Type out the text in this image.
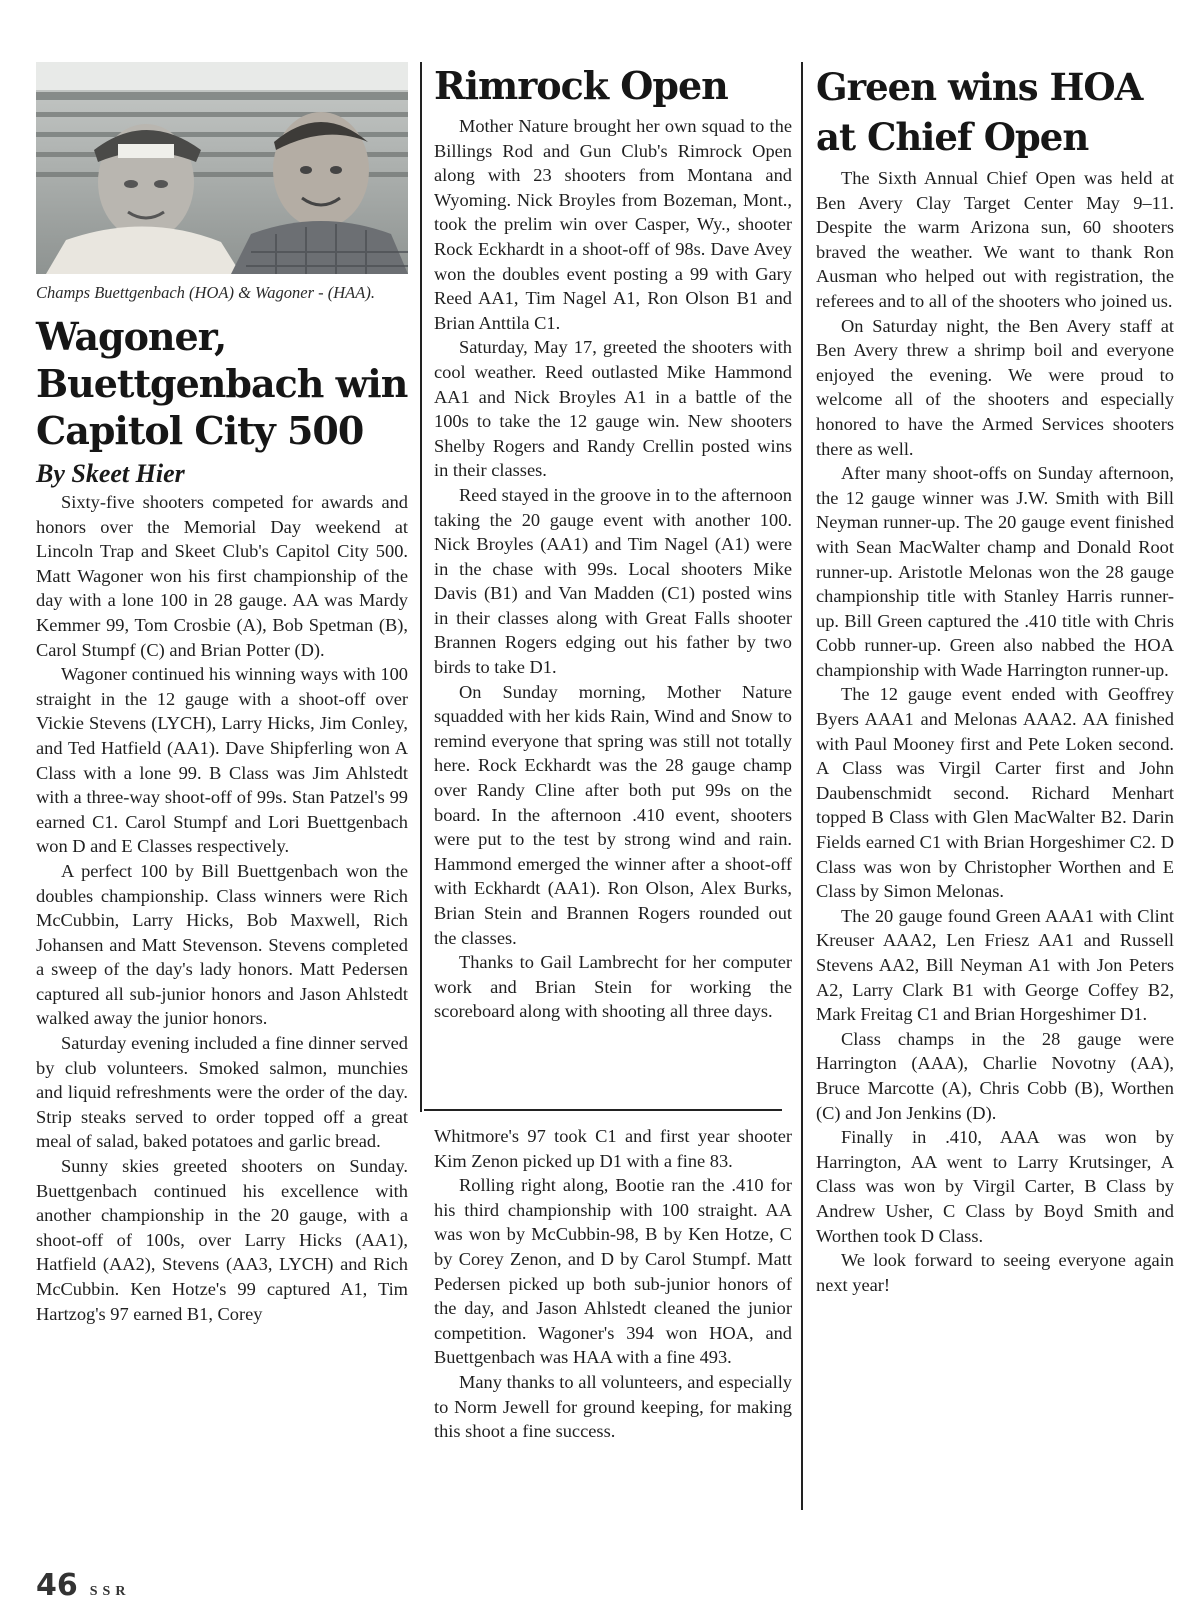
Champs Buettgenbach (HOA) & Wagoner - (HAA).
Wagoner, Buettgenbach win Capitol City 500
By Skeet Hier

Sixty-five shooters competed for awards and honors over the Memorial Day weekend at Lincoln Trap and Skeet Club's Capitol City 500. Matt Wagoner won his first championship of the day with a lone 100 in 28 gauge. AA was Mardy Kemmer 99, Tom Crosbie (A), Bob Spetman (B), Carol Stumpf (C) and Brian Potter (D).

Wagoner continued his winning ways with 100 straight in the 12 gauge with a shoot-off over Vickie Stevens (LYCH), Larry Hicks, Jim Conley, and Ted Hatfield (AA1). Dave Shipferling won A Class with a lone 99. B Class was Jim Ahlstedt with a three-way shoot-off of 99s. Stan Patzel's 99 earned C1. Carol Stumpf and Lori Buettgenbach won D and E Classes respectively.

A perfect 100 by Bill Buettgenbach won the doubles championship. Class winners were Rich McCubbin, Larry Hicks, Bob Maxwell, Rich Johansen and Matt Stevenson. Stevens completed a sweep of the day's lady honors. Matt Pedersen captured all sub-junior honors and Jason Ahlstedt walked away the junior honors.

Saturday evening included a fine dinner served by club volunteers. Smoked salmon, munchies and liquid refreshments were the order of the day. Strip steaks served to order topped off a great meal of salad, baked potatoes and garlic bread.

Sunny skies greeted shooters on Sunday. Buettgenbach continued his excellence with another championship in the 20 gauge, with a shoot-off of 100s, over Larry Hicks (AA1), Hatfield (AA2), Stevens (AA3, LYCH) and Rich McCubbin. Ken Hotze's 99 captured A1, Tim Hartzog's 97 earned B1, Corey

Rimrock Open

Mother Nature brought her own squad to the Billings Rod and Gun Club's Rimrock Open along with 23 shooters from Montana and Wyoming. Nick Broyles from Bozeman, Mont., took the prelim win over Casper, Wy., shooter Rock Eckhardt in a shoot-off of 98s. Dave Avey won the doubles event posting a 99 with Gary Reed AA1, Tim Nagel A1, Ron Olson B1 and Brian Anttila C1.

Saturday, May 17, greeted the shooters with cool weather. Reed outlasted Mike Hammond AA1 and Nick Broyles A1 in a battle of the 100s to take the 12 gauge win. New shooters Shelby Rogers and Randy Crellin posted wins in their classes.

Reed stayed in the groove in to the afternoon taking the 20 gauge event with another 100. Nick Broyles (AA1) and Tim Nagel (A1) were in the chase with 99s. Local shooters Mike Davis (B1) and Van Madden (C1) posted wins in their classes along with Great Falls shooter Brannen Rogers edging out his father by two birds to take D1.

On Sunday morning, Mother Nature squadded with her kids Rain, Wind and Snow to remind everyone that spring was still not totally here. Rock Eckhardt was the 28 gauge champ over Randy Cline after both put 99s on the board. In the afternoon .410 event, shooters were put to the test by strong wind and rain. Hammond emerged the winner after a shoot-off with Eckhardt (AA1). Ron Olson, Alex Burks, Brian Stein and Brannen Rogers rounded out the classes.

Thanks to Gail Lambrecht for her computer work and Brian Stein for working the scoreboard along with shooting all three days.

Whitmore's 97 took C1 and first year shooter Kim Zenon picked up D1 with a fine 83.

Rolling right along, Bootie ran the .410 for his third championship with 100 straight. AA was won by McCubbin-98, B by Ken Hotze, C by Corey Zenon, and D by Carol Stumpf. Matt Pedersen picked up both sub-junior honors of the day, and Jason Ahlstedt cleaned the junior competition. Wagoner's 394 won HOA, and Buettgenbach was HAA with a fine 493.

Many thanks to all volunteers, and especially to Norm Jewell for ground keeping, for making this shoot a fine success.

Green wins HOA at Chief Open

The Sixth Annual Chief Open was held at Ben Avery Clay Target Center May 9–11. Despite the warm Arizona sun, 60 shooters braved the weather. We want to thank Ron Ausman who helped out with registration, the referees and to all of the shooters who joined us.

On Saturday night, the Ben Avery staff at Ben Avery threw a shrimp boil and everyone enjoyed the evening. We were proud to welcome all of the shooters and especially honored to have the Armed Services shooters there as well.

After many shoot-offs on Sunday afternoon, the 12 gauge winner was J.W. Smith with Bill Neyman runner-up. The 20 gauge event finished with Sean MacWalter champ and Donald Root runner-up. Aristotle Melonas won the 28 gauge championship title with Stanley Harris runner-up. Bill Green captured the .410 title with Chris Cobb runner-up. Green also nabbed the HOA championship with Wade Harrington runner-up.

The 12 gauge event ended with Geoffrey Byers AAA1 and Melonas AAA2. AA finished with Paul Mooney first and Pete Loken second. A Class was Virgil Carter first and John Daubenschmidt second. Richard Menhart topped B Class with Glen MacWalter B2. Darin Fields earned C1 with Brian Horgeshimer C2. D Class was won by Christopher Worthen and E Class by Simon Melonas.

The 20 gauge found Green AAA1 with Clint Kreuser AAA2, Len Friesz AA1 and Russell Stevens AA2, Bill Neyman A1 with Jon Peters A2, Larry Clark B1 with George Coffey B2, Mark Freitag C1 and Brian Horgeshimer D1.

Class champs in the 28 gauge were Harrington (AAA), Charlie Novotny (AA), Bruce Marcotte (A), Chris Cobb (B), Worthen (C) and Jon Jenkins (D).

Finally in .410, AAA was won by Harrington, AA went to Larry Krutsinger, A Class was won by Virgil Carter, B Class by Andrew Usher, C Class by Boyd Smith and Worthen took D Class.

We look forward to seeing everyone again next year!

46 SSR
